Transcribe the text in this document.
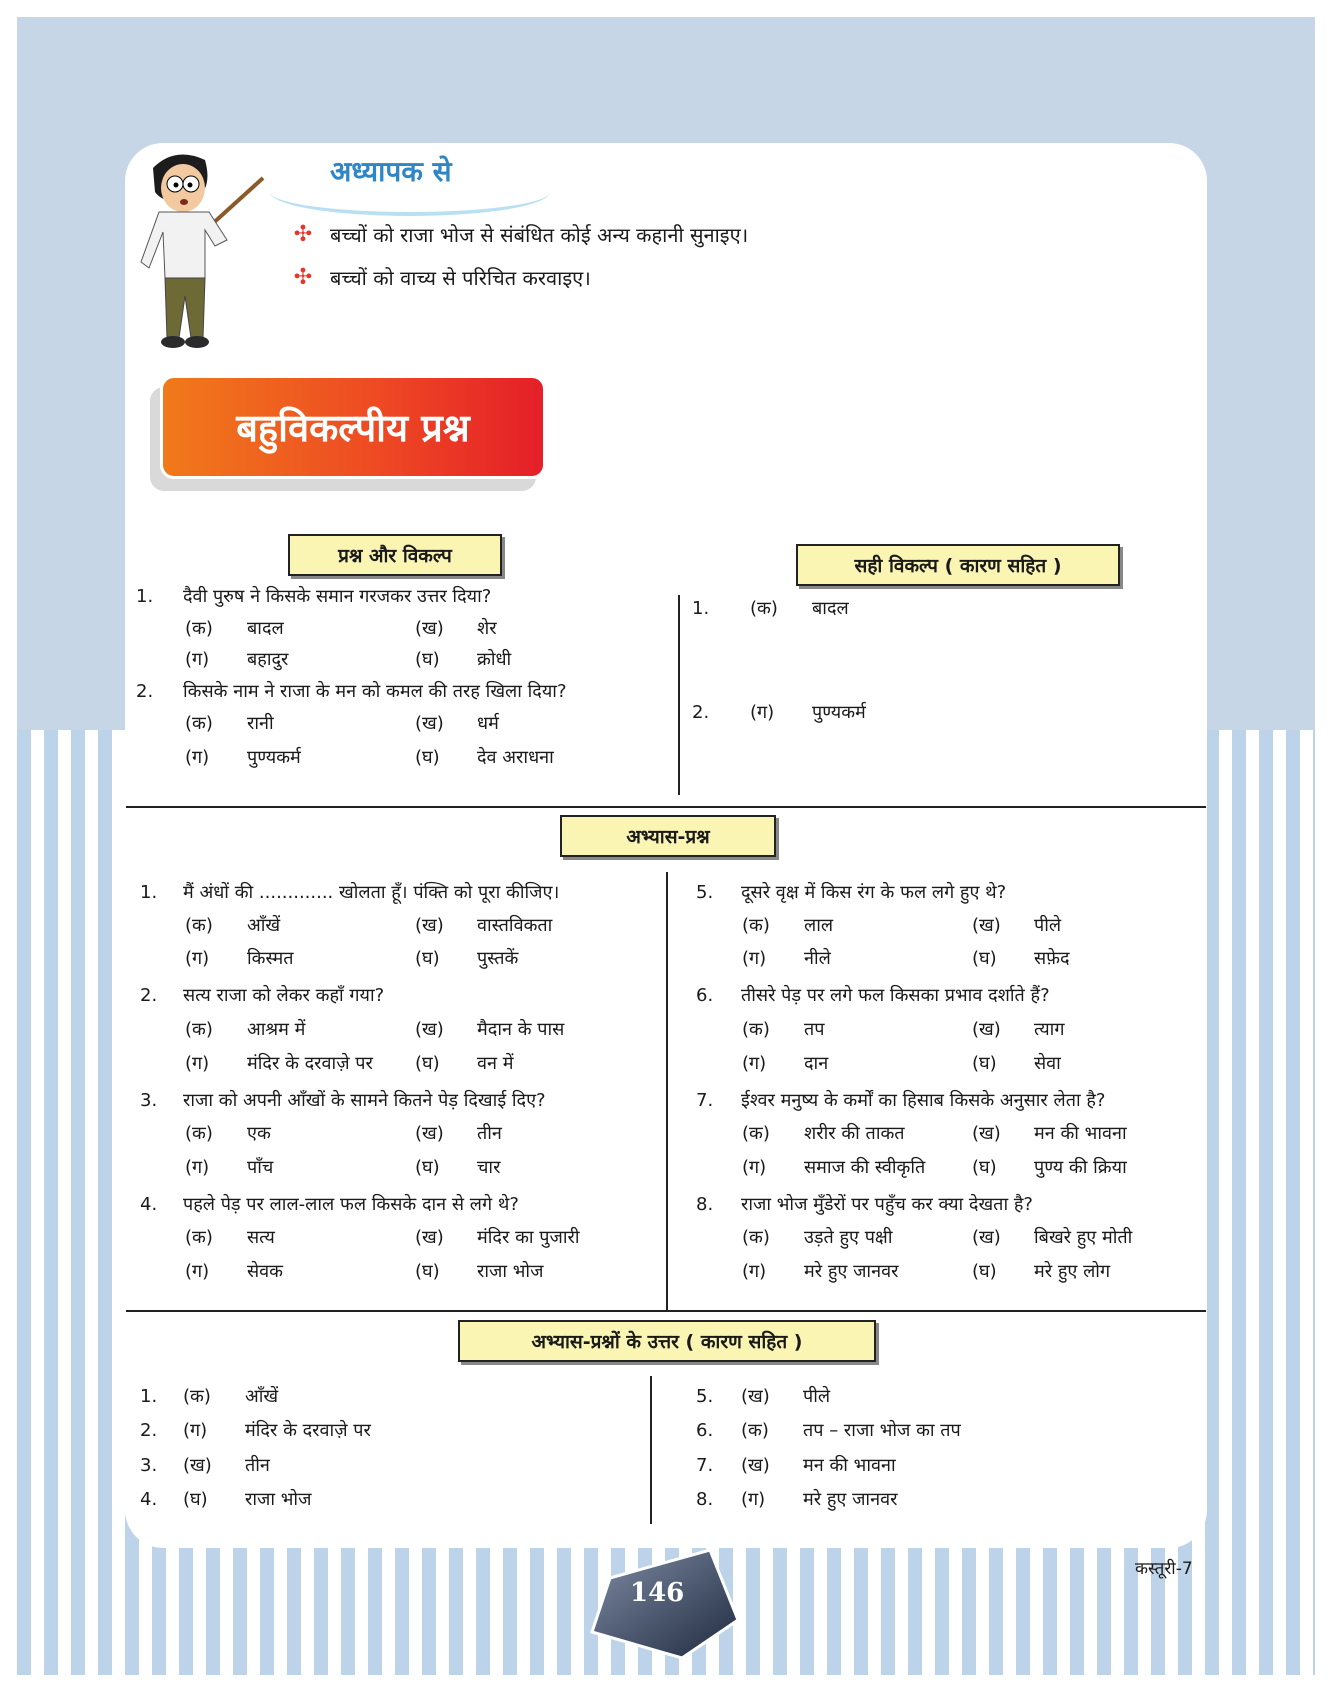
अध्यापक से
✣ बच्चों को राजा भोज से संबंधित कोई अन्य कहानी सुनाइए।
✣ बच्चों को वाच्य से परिचित करवाइए।
बहुविकल्पीय प्रश्न
प्रश्न और विकल्प	सही विकल्प ( कारण सहित )
1. दैवी पुरुष ने किसके समान गरजकर उत्तर दिया?
(क) बादल	(ख) शेर
(ग) बहादुर	(घ) क्रोधी
2. किसके नाम ने राजा के मन को कमल की तरह खिला दिया?
(क) रानी	(ख) धर्म
(ग) पुण्यकर्म	(घ) देव अराधना
1. (क) बादल
2. (ग) पुण्यकर्म
अभ्यास-प्रश्न
1. मैं अंधों की ............. खोलता हूँ। पंक्ति को पूरा कीजिए।
(क) आँखें	(ख) वास्तविकता
(ग) किस्मत	(घ) पुस्तकें
2. सत्य राजा को लेकर कहाँ गया?
(क) आश्रम में	(ख) मैदान के पास
(ग) मंदिर के दरवाज़े पर (घ) वन में
3. राजा को अपनी आँखों के सामने कितने पेड़ दिखाई दिए?
(क) एक	(ख) तीन
(ग) पाँच	(घ) चार
4. पहले पेड़ पर लाल-लाल फल किसके दान से लगे थे?
(क) सत्य	(ख) मंदिर का पुजारी
(ग) सेवक	(घ) राजा भोज
5. दूसरे वृक्ष में किस रंग के फल लगे हुए थे?
(क) लाल	(ख) पीले
(ग) नीले	(घ) सफ़ेद
6. तीसरे पेड़ पर लगे फल किसका प्रभाव दर्शाते हैं?
(क) तप	(ख) त्याग
(ग) दान	(घ) सेवा
7. ईश्वर मनुष्य के कर्मों का हिसाब किसके अनुसार लेता है?
(क) शरीर की ताकत	(ख) मन की भावना
(ग) समाज की स्वीकृति	(घ) पुण्य की क्रिया
8. राजा भोज मुँडेरों पर पहुँच कर क्या देखता है?
(क) उड़ते हुए पक्षी	(ख) बिखरे हुए मोती
(ग) मरे हुए जानवर	(घ) मरे हुए लोग
अभ्यास-प्रश्नों के उत्तर ( कारण सहित )
1. (क) आँखें
2. (ग) मंदिर के दरवाज़े पर
3. (ख) तीन
4. (घ) राजा भोज
5. (ख) पीले
6. (क) तप – राजा भोज का तप
7. (ख) मन की भावना
8. (ग) मरे हुए जानवर
146
कस्तूरी-7
